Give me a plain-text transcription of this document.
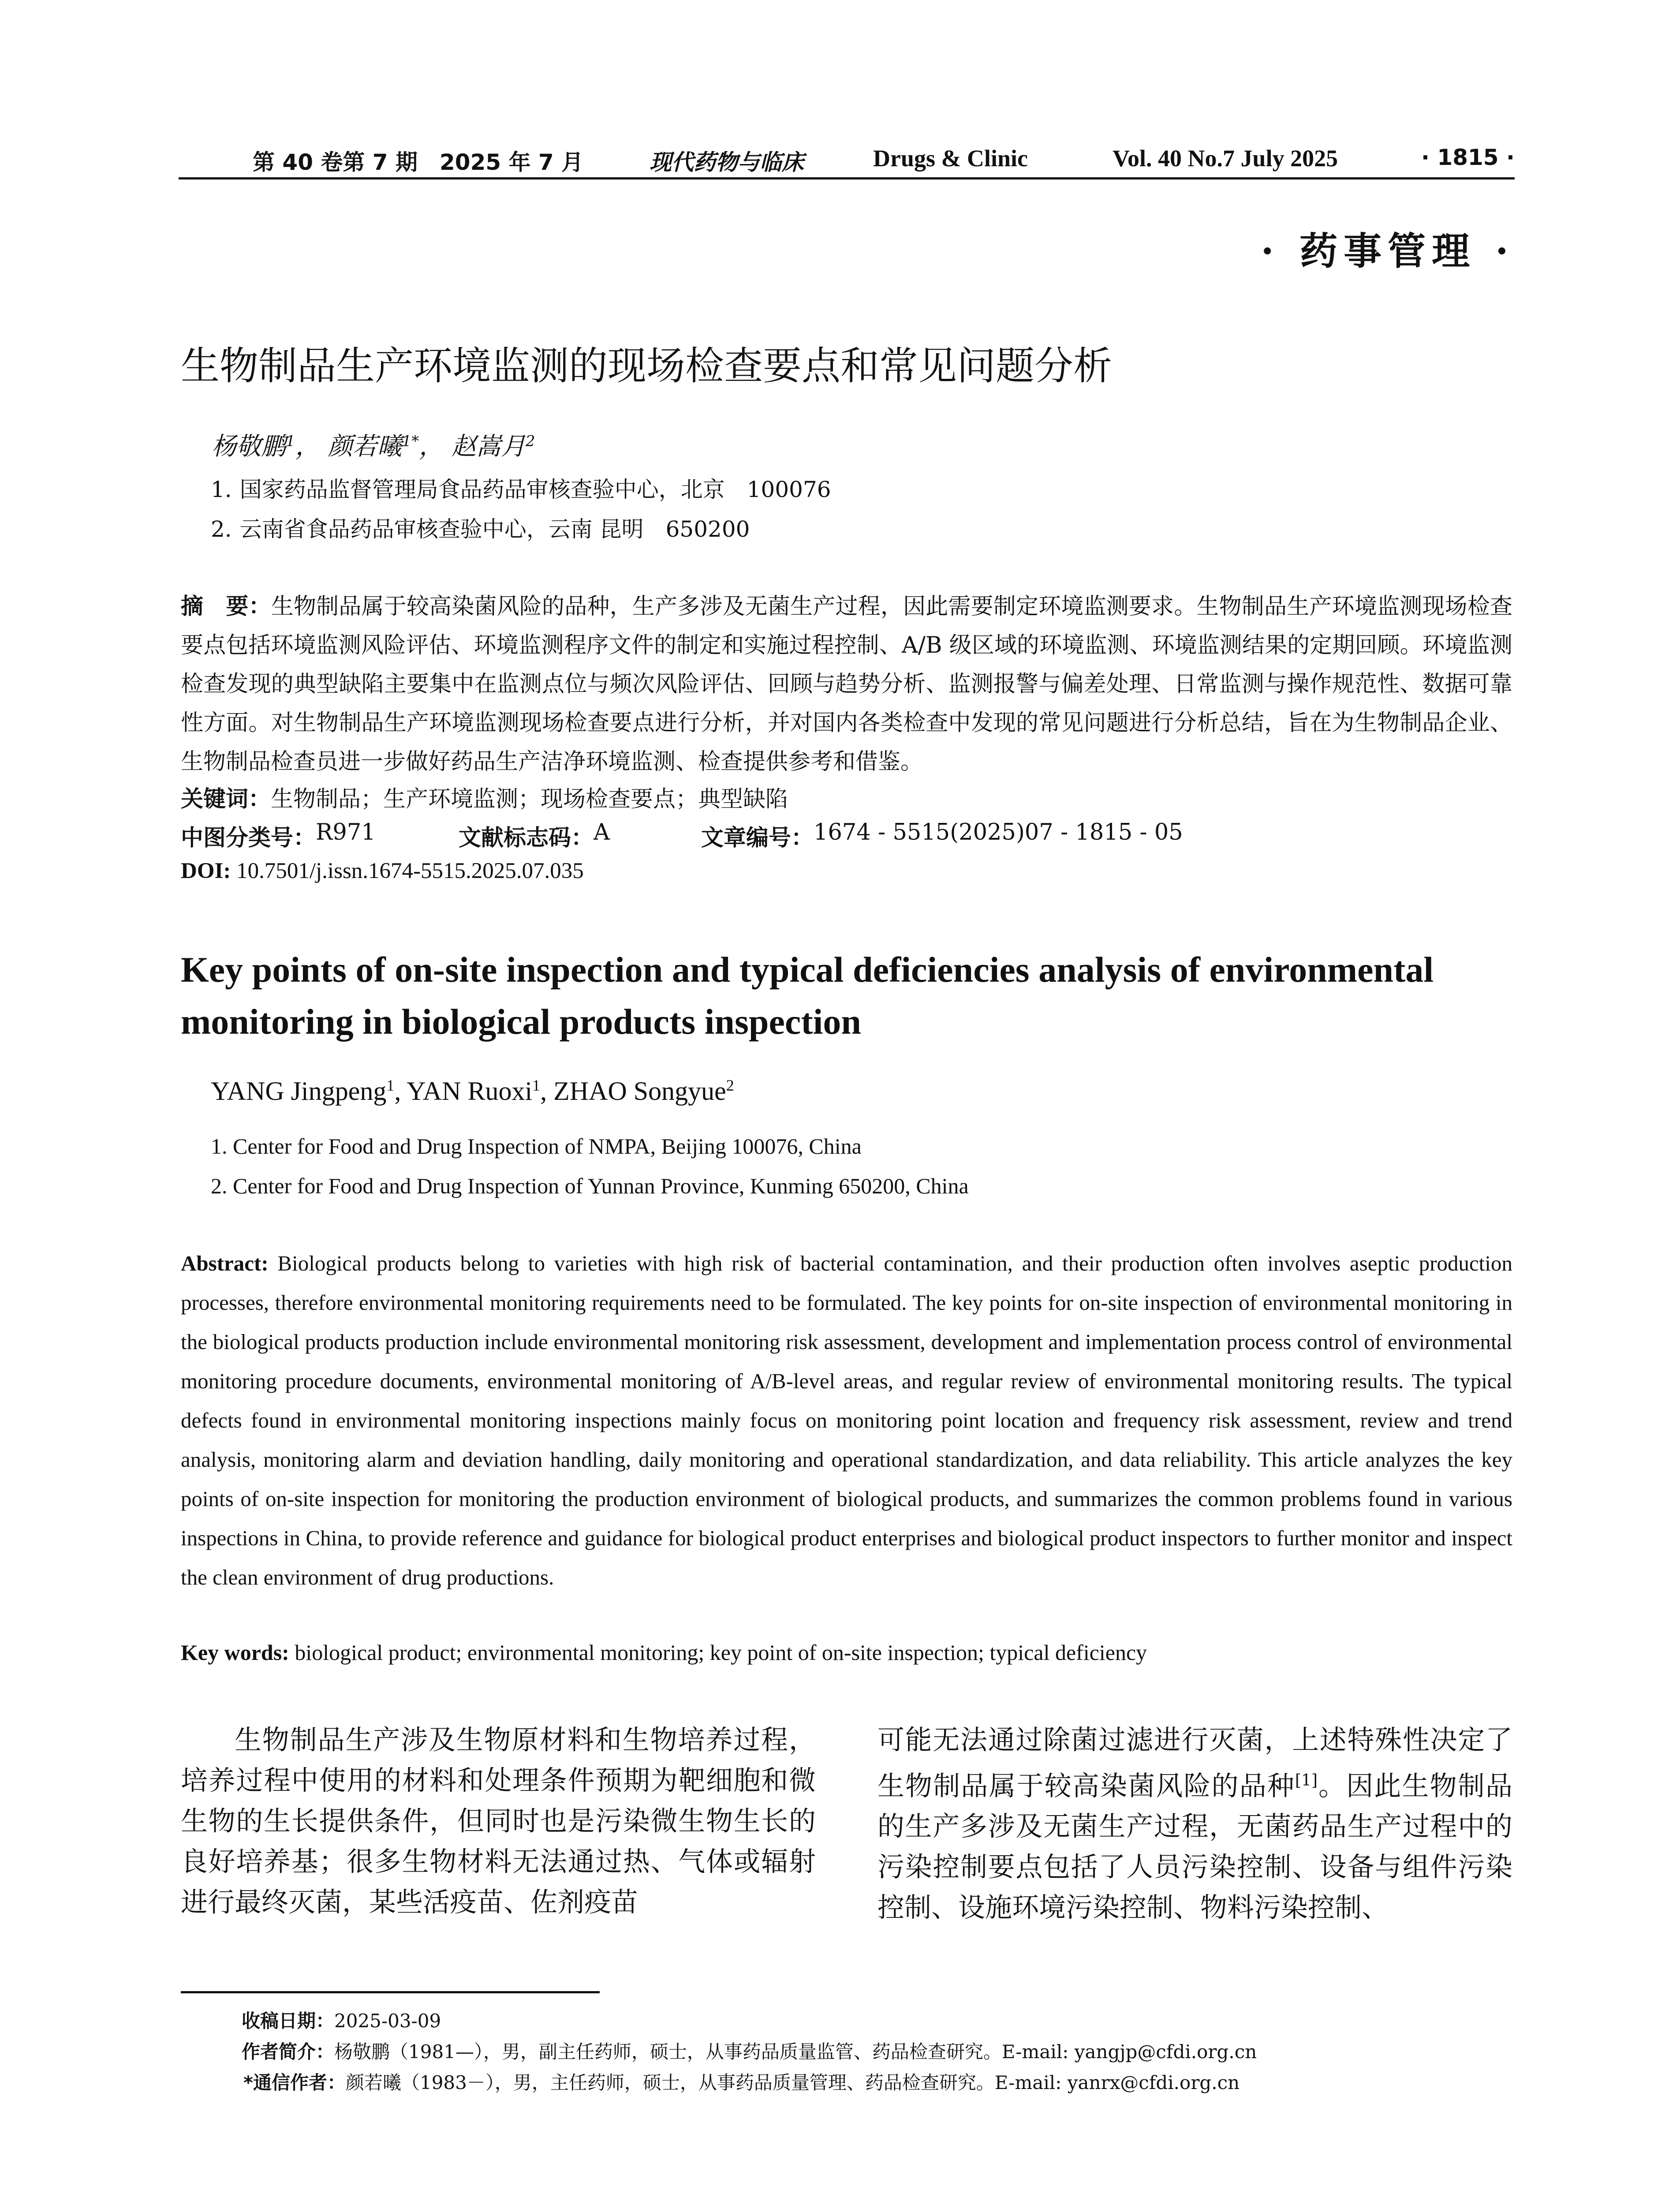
第 40 卷第 7 期　2025 年 7 月	现代药物与临床	Drugs & Clinic	Vol. 40 No.7 July 2025	· 1815 ·
· 药事管理 ·
生物制品生产环境监测的现场检查要点和常见问题分析
杨敬鹏$^1$， 颜若曦$^{1*}$， 赵嵩月$^2$
1. 国家药品监督管理局食品药品审核查验中心，北京　100076
2. 云南省食品药品审核查验中心，云南 昆明　650200
摘　要：生物制品属于较高染菌风险的品种，生产多涉及无菌生产过程，因此需要制定环境监测要求。生物制品生产环境监测现场检查要点包括环境监测风险评估、环境监测程序文件的制定和实施过程控制、A/B 级区域的环境监测、环境监测结果的定期回顾。环境监测检查发现的典型缺陷主要集中在监测点位与频次风险评估、回顾与趋势分析、监测报警与偏差处理、日常监测与操作规范性、数据可靠性方面。对生物制品生产环境监测现场检查要点进行分析，并对国内各类检查中发现的常见问题进行分析总结，旨在为生物制品企业、生物制品检查员进一步做好药品生产洁净环境监测、检查提供参考和借鉴。
关键词：生物制品；生产环境监测；现场检查要点；典型缺陷
中图分类号： R971	文献标志码： A	文章编号： 1674 - 5515(2025)07 - 1815 - 05
DOI: 10.7501/j.issn.1674-5515.2025.07.035
Key points of on-site inspection and typical deficiencies analysis of environmental monitoring in biological products inspection
YANG Jingpeng$^1$, YAN Ruoxi$^1$, ZHAO Songyue$^2$
1. Center for Food and Drug Inspection of NMPA, Beijing 100076, China
2. Center for Food and Drug Inspection of Yunnan Province, Kunming 650200, China
Abstract: Biological products belong to varieties with high risk of bacterial contamination, and their production often involves aseptic production processes, therefore environmental monitoring requirements need to be formulated. The key points for on-site inspection of environmental monitoring in the biological products production include environmental monitoring risk assessment, development and implementation process control of environmental monitoring procedure documents, environmental monitoring of A/B-level areas, and regular review of environmental monitoring results. The typical defects found in environmental monitoring inspections mainly focus on monitoring point location and frequency risk assessment, review and trend analysis, monitoring alarm and deviation handling, daily monitoring and operational standardization, and data reliability. This article analyzes the key points of on-site inspection for monitoring the production environment of biological products, and summarizes the common problems found in various inspections in China, to provide reference and guidance for biological product enterprises and biological product inspectors to further monitor and inspect the clean environment of drug productions.
Key words: biological product; environmental monitoring; key point of on-site inspection; typical deficiency
生物制品生产涉及生物原材料和生物培养过程，培养过程中使用的材料和处理条件预期为靶细胞和微生物的生长提供条件，但同时也是污染微生物生长的良好培养基；很多生物材料无法通过热、气体或辐射进行最终灭菌，某些活疫苗、佐剂疫苗
可能无法通过除菌过滤进行灭菌，上述特殊性决定了生物制品属于较高染菌风险的品种[1]。因此生物制品的生产多涉及无菌生产过程，无菌药品生产过程中的污染控制要点包括了人员污染控制、设备与组件污染控制、设施环境污染控制、物料污染控制、
收稿日期：2025-03-09
作者简介：杨敬鹏（1981—），男，副主任药师，硕士，从事药品质量监管、药品检查研究。E-mail: yangjp@cfdi.org.cn
*通信作者：颜若曦（1983－），男，主任药师，硕士，从事药品质量管理、药品检查研究。E-mail: yanrx@cfdi.org.cn
